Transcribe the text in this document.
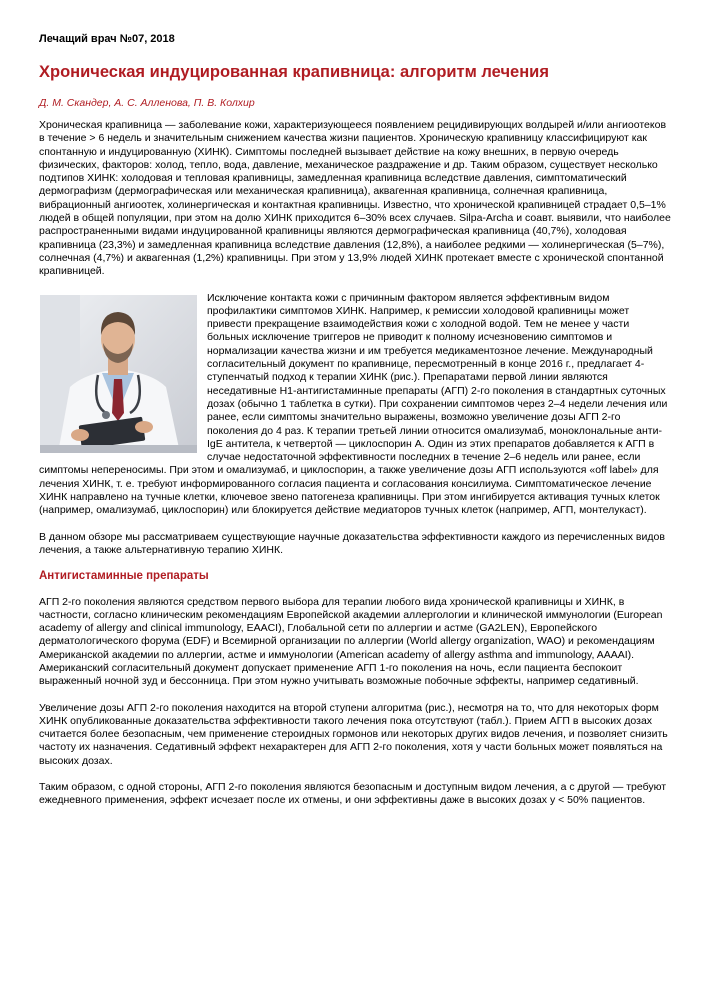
Лечащий врач №07, 2018
Хроническая индуцированная крапивница: алгоритм лечения
Д. М. Скандер, А. С. Алленова, П. В. Колхир

Хроническая крапивница — заболевание кожи, характеризующееся появлением рецидивирующих волдырей и/или ангиоотеков в течение > 6 недель и значительным снижением качества жизни пациентов. Хроническую крапивницу классифицируют как спонтанную и индуцированную (ХИНК). Симптомы последней вызывает действие на кожу внешних, в первую очередь физических, факторов: холод, тепло, вода, давление, механическое раздражение и др. Таким образом, существует несколько подтипов ХИНК: холодовая и тепловая крапивницы, замедленная крапивница вследствие давления, симптоматический дермографизм (дермографическая или механическая крапивница), аквагенная крапивница, солнечная крапивница, вибрационный ангиоотек, холинергическая и контактная крапивницы. Известно, что хронической крапивницей страдает 0,5–1% людей в общей популяции, при этом на долю ХИНК приходится 6–30% всех случаев. Silpa-Archa и соавт. выявили, что наиболее распространенными видами индуцированной крапивницы являются дермографическая крапивница (40,7%), холодовая крапивница (23,3%) и замедленная крапивница вследствие давления (12,8%), а наиболее редкими — холинергическая (5–7%), солнечная (4,7%) и аквагенная (1,2%) крапивницы. При этом у 13,9% людей ХИНК протекает вместе с хронической спонтанной крапивницей.

Исключение контакта кожи с причинным фактором является эффективным видом профилактики симптомов ХИНК. Например, к ремиссии холодовой крапивницы может привести прекращение взаимодействия кожи с холодной водой. Тем не менее у части больных исключение триггеров не приводит к полному исчезновению симптомов и нормализации качества жизни и им требуется медикаментозное лечение. Международный согласительный документ по крапивнице, пересмотренный в конце 2016 г., предлагает 4-ступенчатый подход к терапии ХИНК (рис.). Препаратами первой линии являются неседативные Н1-антигистаминные препараты (АГП) 2-го поколения в стандартных суточных дозах (обычно 1 таблетка в сутки). При сохранении симптомов через 2–4 недели лечения или ранее, если симптомы значительно выражены, возможно увеличение дозы АГП 2-го поколения до 4 раз. К терапии третьей линии относится омализумаб, моноклональные анти-IgE антитела, к четвертой — циклоспорин А. Один из этих препаратов добавляется к АГП в случае недостаточной эффективности последних в течение 2–6 недель или ранее, если симптомы непереносимы. При этом и омализумаб, и циклоспорин, а также увеличение дозы АГП используются «off label» для лечения ХИНК, т. е. требуют информированного согласия пациента и согласования консилиума. Симптоматическое лечение ХИНК направлено на тучные клетки, ключевое звено патогенеза крапивницы. При этом ингибируется активация тучных клеток (например, омализумаб, циклоспорин) или блокируется действие медиаторов тучных клеток (например, АГП, монтелукаст).

В данном обзоре мы рассматриваем существующие научные доказательства эффективности каждого из перечисленных видов лечения, а также альтернативную терапию ХИНК.

Антигистаминные препараты

АГП 2-го поколения являются средством первого выбора для терапии любого вида хронической крапивницы и ХИНК, в частности, согласно клиническим рекомендациям Европейской академии аллергологии и клинической иммунологии (European academy of allergy and clinical immunology, EAACI), Глобальной сети по аллергии и астме (GA2LEN), Европейского дерматологического форума (EDF) и Всемирной организации по аллергии (World allergy organization, WAO) и рекомендациям Американской академии по аллергии, астме и иммунологии (American academy of allergy asthma and immunology, AAAAI). Американский согласительный документ допускает применение АГП 1-го поколения на ночь, если пациента беспокоит выраженный ночной зуд и бессонница. При этом нужно учитывать возможные побочные эффекты, например седативный.

Увеличение дозы АГП 2-го поколения находится на второй ступени алгоритма (рис.), несмотря на то, что для некоторых форм ХИНК опубликованные доказательства эффективности такого лечения пока отсутствуют (табл.). Прием АГП в высоких дозах считается более безопасным, чем применение стероидных гормонов или некоторых других видов лечения, и позволяет снизить частоту их назначения. Седативный эффект нехарактерен для АГП 2-го поколения, хотя у части больных может появляться на высоких дозах.

Таким образом, с одной стороны, АГП 2-го поколения являются безопасным и доступным видом лечения, а с другой — требуют ежедневного применения, эффект исчезает после их отмены, и они эффективны даже в высоких дозах у < 50% пациентов.
